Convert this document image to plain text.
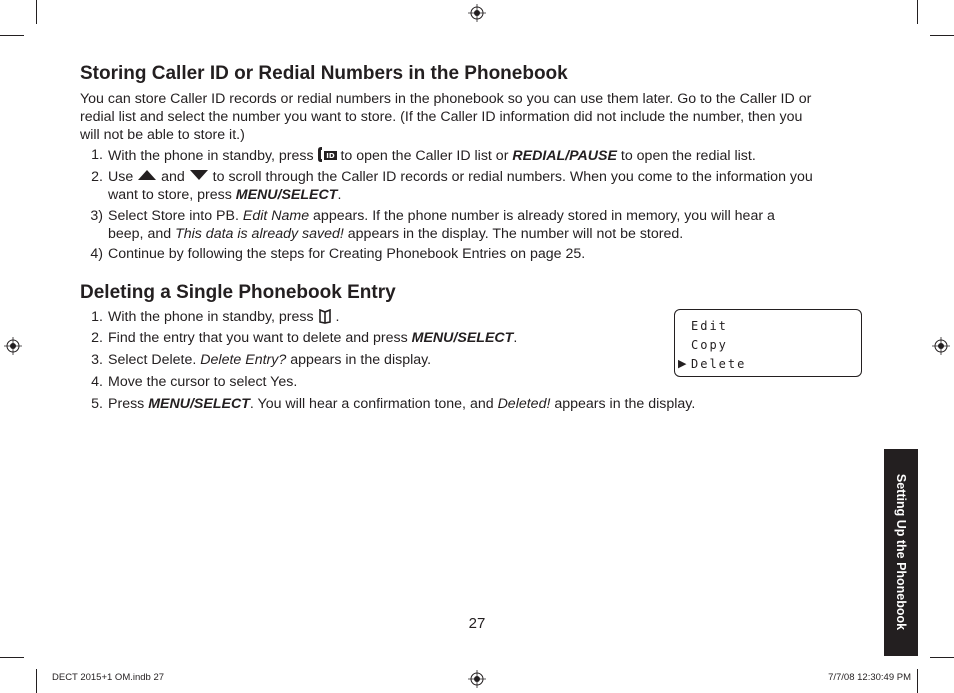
Storing Caller ID or Redial Numbers in the Phonebook
You can store Caller ID records or redial numbers in the phonebook so you can use them later. Go to the Caller ID or
redial list and select the number you want to store. (If the Caller ID information did not include the number, then you
will not be able to store it.)
1. With the phone in standby, press ID to open the Caller ID list or REDIAL/PAUSE to open the redial list.
2. Use  and  to scroll through the Caller ID records or redial numbers. When you come to the information you
want to store, press MENU/SELECT.
3) Select Store into PB. Edit Name appears. If the phone number is already stored in memory, you will hear a
beep, and This data is already saved! appears in the display. The number will not be stored.
4) Continue by following the steps for Creating Phonebook Entries on page 25.
Deleting a Single Phonebook Entry
1. With the phone in standby, press  .
2. Find the entry that you want to delete and press MENU/SELECT.
3. Select Delete. Delete Entry? appears in the display.
4. Move the cursor to select Yes.
5. Press MENU/SELECT. You will hear a confirmation tone, and Deleted! appears in the display.
Edit
Copy
▶ Delete
Setting Up the Phonebook
27
DECT 2015+1 OM.indb 27	7/7/08 12:30:49 PM
